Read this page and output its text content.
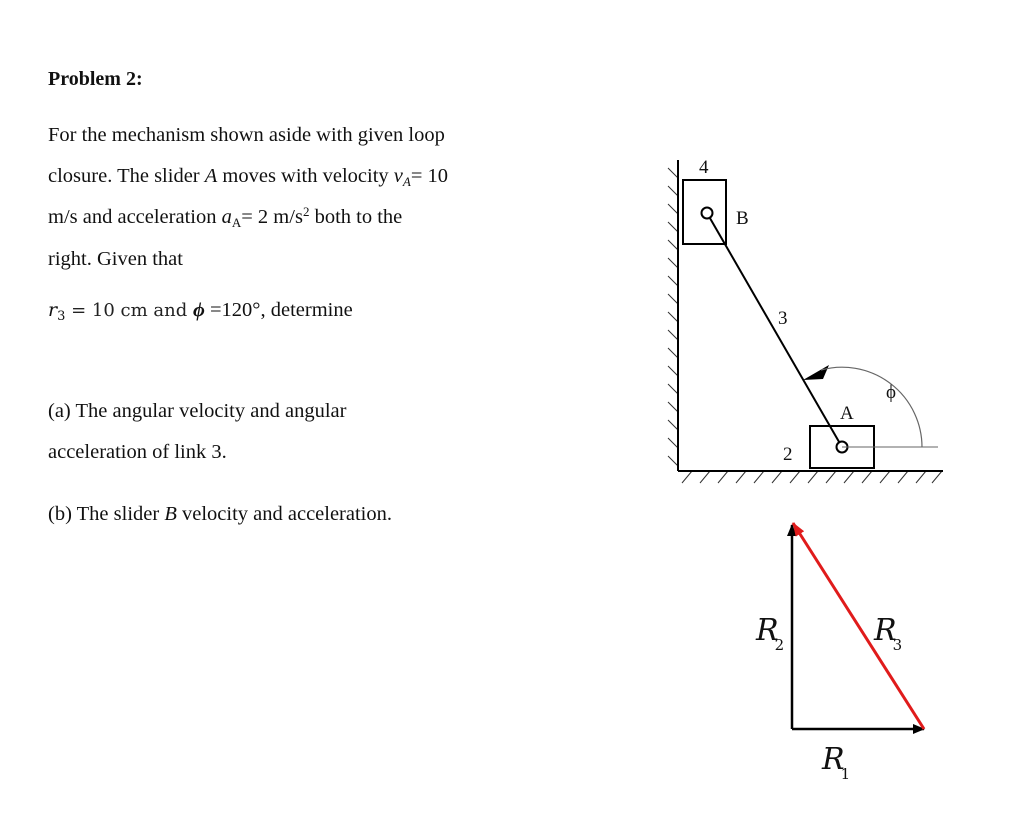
Problem 2:
For the mechanism shown aside with given loop
closure. The slider A moves with velocity $v_A= 10$
m/s and acceleration $a_A= 2$ $m/s^2$ both to the
right. Given that
$r_3 = 10$ cm and ϕ =120°, determine
(a) The angular velocity and angular
acceleration of link 3.
(b) The slider B velocity and acceleration.
4
B
3
ϕ
A
2
R2	R3
R1
